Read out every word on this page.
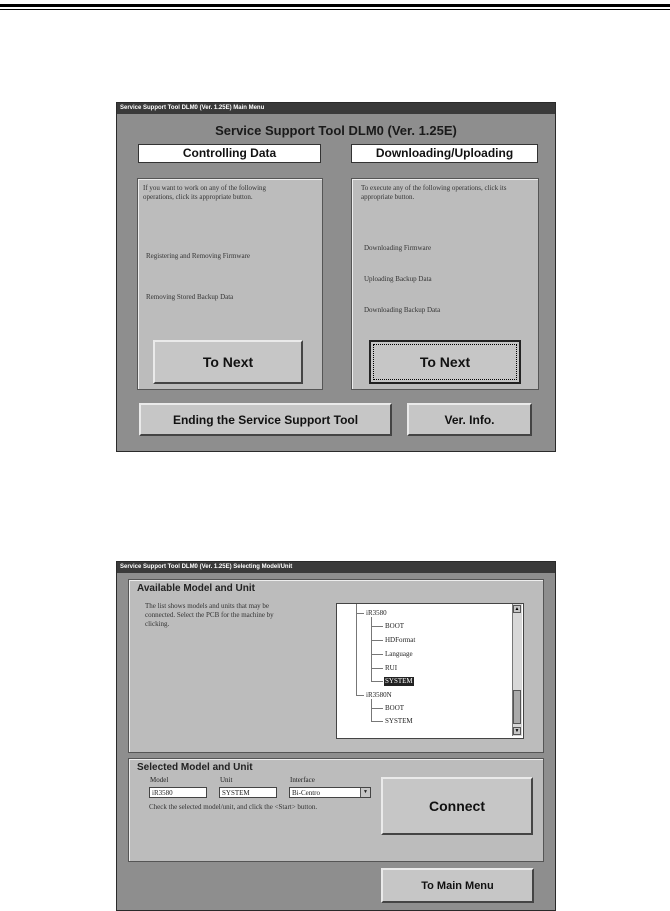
Service Support Tool DLM0 (Ver. 1.25E) Main Menu
Service Support Tool DLM0 (Ver. 1.25E)
Controlling Data	Downloading/Uploading
If you want to work on any of the following operations, click its appropriate button.
Registering and Removing Firmware
Removing Stored Backup Data
To Next
To execute any of the following operations, click its appropriate button.
Downloading Firmware
Uploading Backup Data
Downloading Backup Data
To Next
Ending the Service Support Tool	Ver. Info.
Service Support Tool DLM0 (Ver. 1.25E) Selecting Model/Unit
Available Model and Unit
The list shows models and units that may be connected. Select the PCB for the machine by clicking.
iR3580
BOOT
HDFormat
Language
RUI
SYSTEM
iR3580N
BOOT
SYSTEM
▲
▼
Selected Model and Unit
Model	Unit	Interface
iR3580	SYSTEM	Bi-Centro	▼
Check the selected model/unit, and click the <Start> button.	Connect
To Main Menu
